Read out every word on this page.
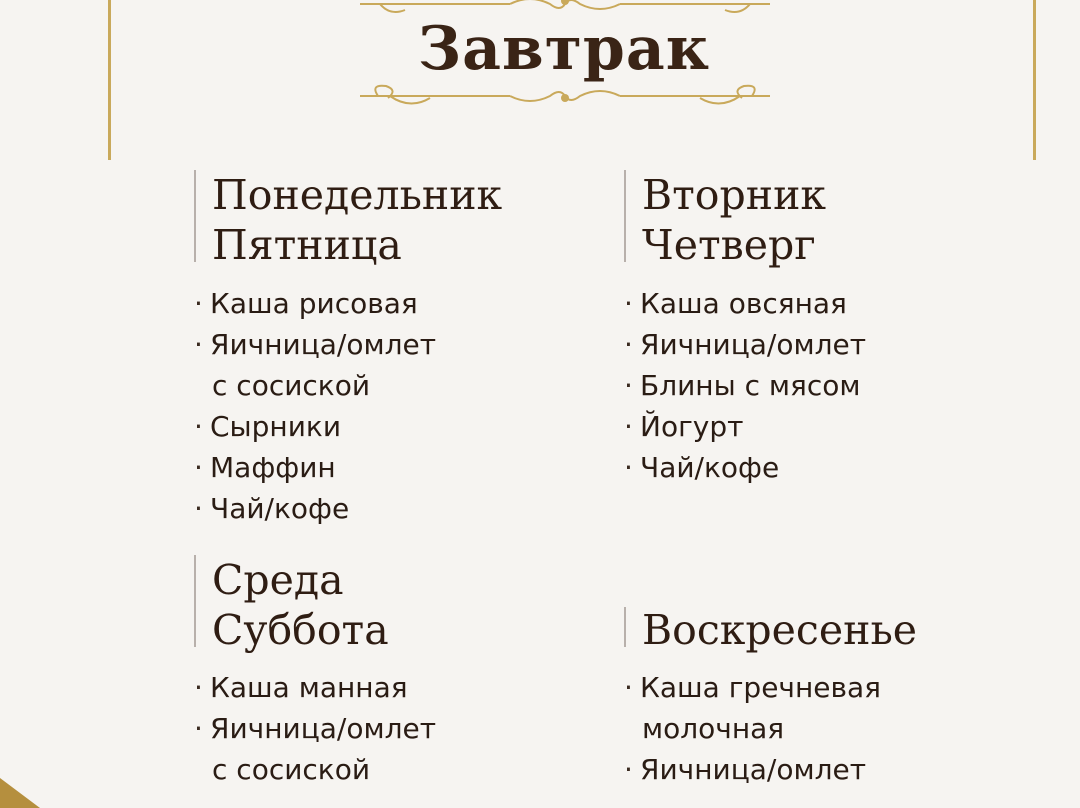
Завтрак
Понедельник
Пятница
· Каша рисовая
· Яичница/омлет
с сосиской
· Сырники
· Маффин
· Чай/кофе
Вторник
Четверг
· Каша овсяная
· Яичница/омлет
· Блины с мясом
· Йогурт
· Чай/кофе
Среда
Суббота
· Каша манная
· Яичница/омлет
с сосиской
Воскресенье
· Каша гречневая
молочная
· Яичница/омлет
